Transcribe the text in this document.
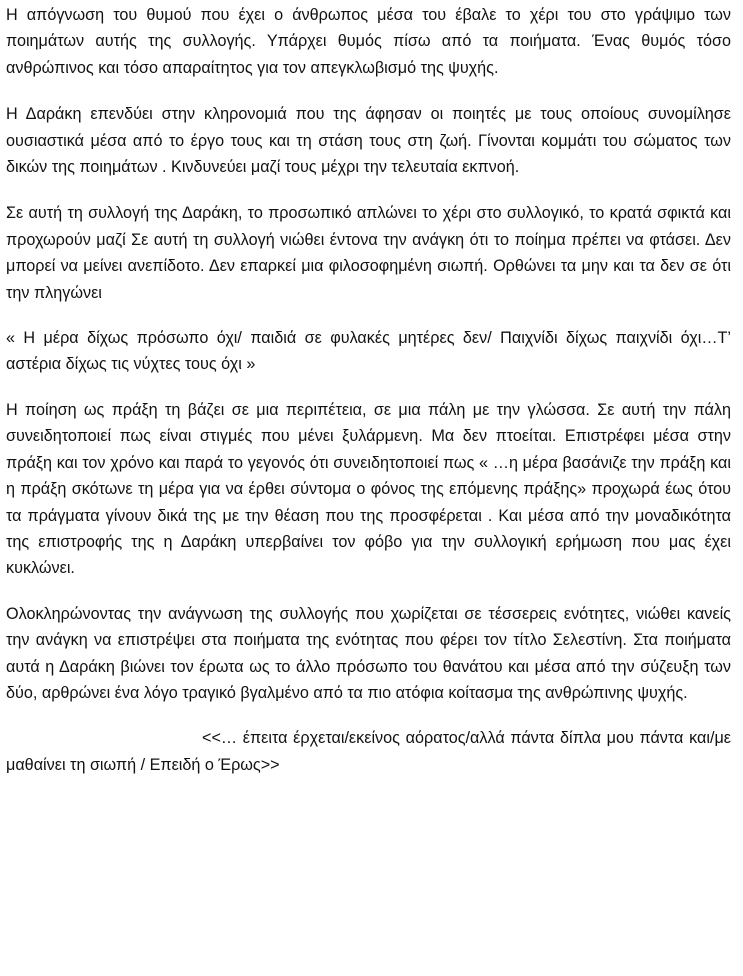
Η απόγνωση του θυμού που έχει ο άνθρωπος μέσα του έβαλε το χέρι του στο γράψιμο των ποιημάτων αυτής της συλλογής. Υπάρχει θυμός πίσω από τα ποιήματα. Ένας θυμός τόσο ανθρώπινος και τόσο απαραίτητος για τον απεγκλωβισμό της ψυχής.

Η Δαράκη επενδύει στην κληρονομιά που της άφησαν οι ποιητές με τους οποίους συνομίλησε ουσιαστικά μέσα από το έργο τους και τη στάση τους στη ζωή. Γίνονται κομμάτι του σώματος των δικών της ποιημάτων . Κινδυνεύει μαζί τους μέχρι την τελευταία εκπνοή.

Σε αυτή τη συλλογή της Δαράκη, το προσωπικό απλώνει το χέρι στο συλλογικό, το κρατά σφικτά και προχωρούν μαζί Σε αυτή τη συλλογή νιώθει έντονα την ανάγκη ότι το ποίημα πρέπει να φτάσει. Δεν μπορεί να μείνει ανεπίδοτο. Δεν επαρκεί μια φιλοσοφημένη σιωπή. Ορθώνει τα μην και τα δεν σε ότι την πληγώνει

« Η μέρα δίχως πρόσωπο όχι/ παιδιά σε φυλακές μητέρες δεν/ Παιχνίδι δίχως παιχνίδι όχι…Τ’ αστέρια δίχως τις νύχτες τους όχι »

Η ποίηση ως πράξη τη βάζει σε μια περιπέτεια, σε μια πάλη με την γλώσσα. Σε αυτή την πάλη συνειδητοποιεί πως είναι στιγμές που μένει ξυλάρμενη. Μα δεν πτοείται. Επιστρέφει μέσα στην πράξη και τον χρόνο και παρά το γεγονός ότι συνειδητοποιεί πως « …η μέρα βασάνιζε την πράξη και η πράξη σκότωνε τη μέρα για να έρθει σύντομα ο φόνος της επόμενης πράξης» προχωρά έως ότου τα πράγματα γίνουν δικά της με την θέαση που της προσφέρεται . Και μέσα από την μοναδικότητα της επιστροφής της η Δαράκη υπερβαίνει τον φόβο για την συλλογική ερήμωση που μας έχει κυκλώνει.

Ολοκληρώνοντας την ανάγνωση της συλλογής που χωρίζεται σε τέσσερεις ενότητες, νιώθει κανείς την ανάγκη να επιστρέψει στα ποιήματα της ενότητας που φέρει τον τίτλο Σελεστίνη. Στα ποιήματα αυτά η Δαράκη βιώνει τον έρωτα ως το άλλο πρόσωπο του θανάτου και μέσα από την σύζευξη των δύο, αρθρώνει ένα λόγο τραγικό βγαλμένο από τα πιο ατόφια κοίτασμα της ανθρώπινης ψυχής.

<<… έπειτα έρχεται/εκείνος αόρατος/αλλά πάντα δίπλα μου πάντα και/με μαθαίνει τη σιωπή / Επειδή ο Έρως>>
